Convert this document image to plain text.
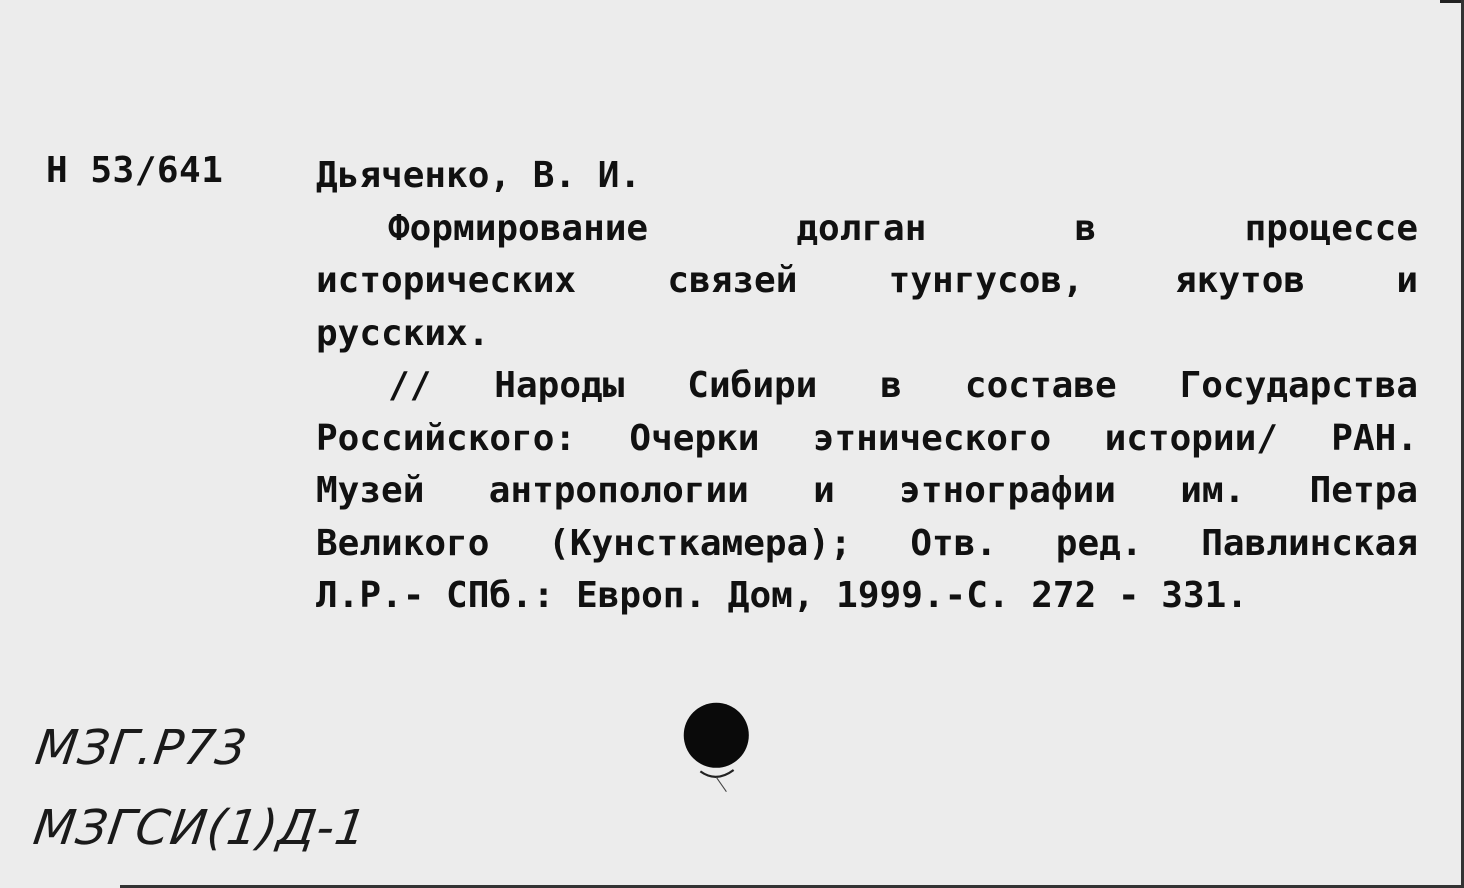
Н 53/641	Дьяченко, В. И.
Формирование долган в процессе
исторических связей тунгусов, якутов и
русских.
// Народы Сибири в составе Государства
Российского: Очерки этнического истории/ РАН.
Музей антропологии и этнографии им. Петра
Великого (Кунсткамера); Отв. ред. Павлинская
Л.Р.- СПб.: Европ. Дом, 1999.-С. 272 - 331.
МЗГ.Р73
МЗГСИ(1)Д-1
